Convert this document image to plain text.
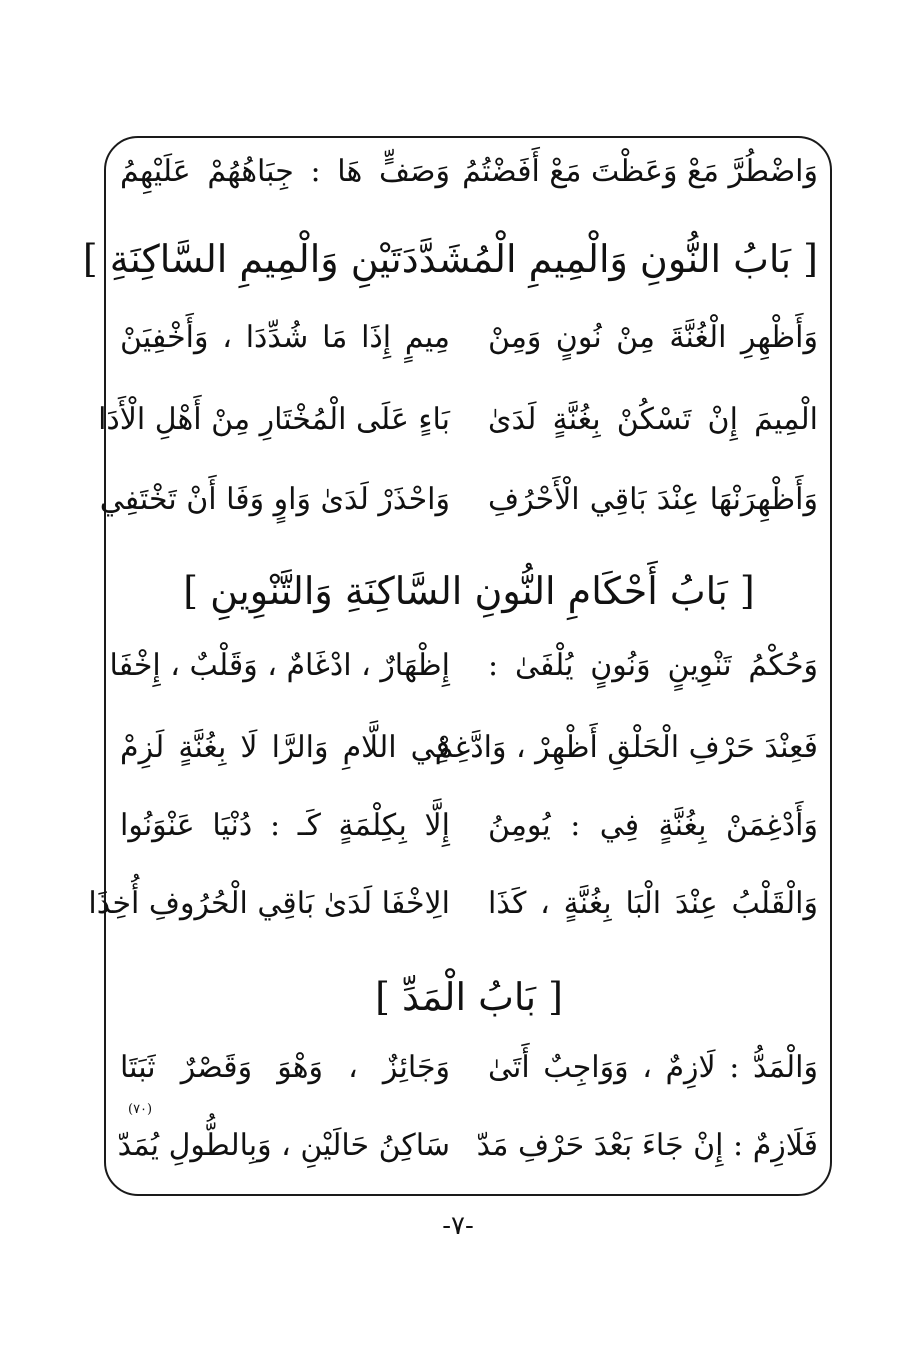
وَاضْطُرَّ مَعْ وَعَظْتَ مَعْ أَفَضْتُمُ
وَصَفٍّ هَا : جِبَاهُهُمْ عَلَيْهِمُ
[ بَابُ النُّونِ وَالْمِيمِ الْمُشَدَّدَتَيْنِ وَالْمِيمِ السَّاكِنَةِ ]
وَأَظْهِرِ الْغُنَّةَ مِنْ نُونٍ وَمِنْ
مِيمٍ إِذَا مَا شُدِّدَا ، وَأَخْفِيَنْ
الْمِيمَ إِنْ تَسْكُنْ بِغُنَّةٍ لَدَىٰ
بَاءٍ عَلَى الْمُخْتَارِ مِنْ أَهْلِ الْأَدَا
وَأَظْهِرَنْهَا عِنْدَ بَاقِي الْأَحْرُفِ
وَاحْذَرْ لَدَىٰ وَاوٍ وَفَا أَنْ تَخْتَفِي
[ بَابُ أَحْكَامِ النُّونِ السَّاكِنَةِ وَالتَّنْوِينِ ]
وَحُكْمُ تَنْوِينٍ وَنُونٍ يُلْفَىٰ :
إِظْهَارٌ ، ادْغَامٌ ، وَقَلْبٌ ، إِخْفَا
فَعِنْدَ حَرْفِ الْحَلْقِ أَظْهِرْ ، وَادَّغِمْ
فِي اللَّامِ وَالرَّا لَا بِغُنَّةٍ لَزِمْ
وَأَدْغِمَنْ بِغُنَّةٍ فِي : يُومِنُ
إِلَّا بِكِلْمَةٍ كَـ : دُنْيَا عَنْوَنُوا
وَالْقَلْبُ عِنْدَ الْبَا بِغُنَّةٍ ، كَذَا
الِاخْفَا لَدَىٰ بَاقِي الْحُرُوفِ أُخِذَا
[ بَابُ الْمَدِّ ]
وَالْمَدُّ : لَازِمٌ ، وَوَاجِبٌ أَتَىٰ
وَجَائِزٌ ، وَهْوَ وَقَصْرٌ ثَبَتَا
فَلَازِمٌ : إِنْ جَاءَ بَعْدَ حَرْفِ مَدّ
سَاكِنُ حَالَيْنِ ، وَبِالطُّولِ يُمَدّ
(٧٠)
-٧-
